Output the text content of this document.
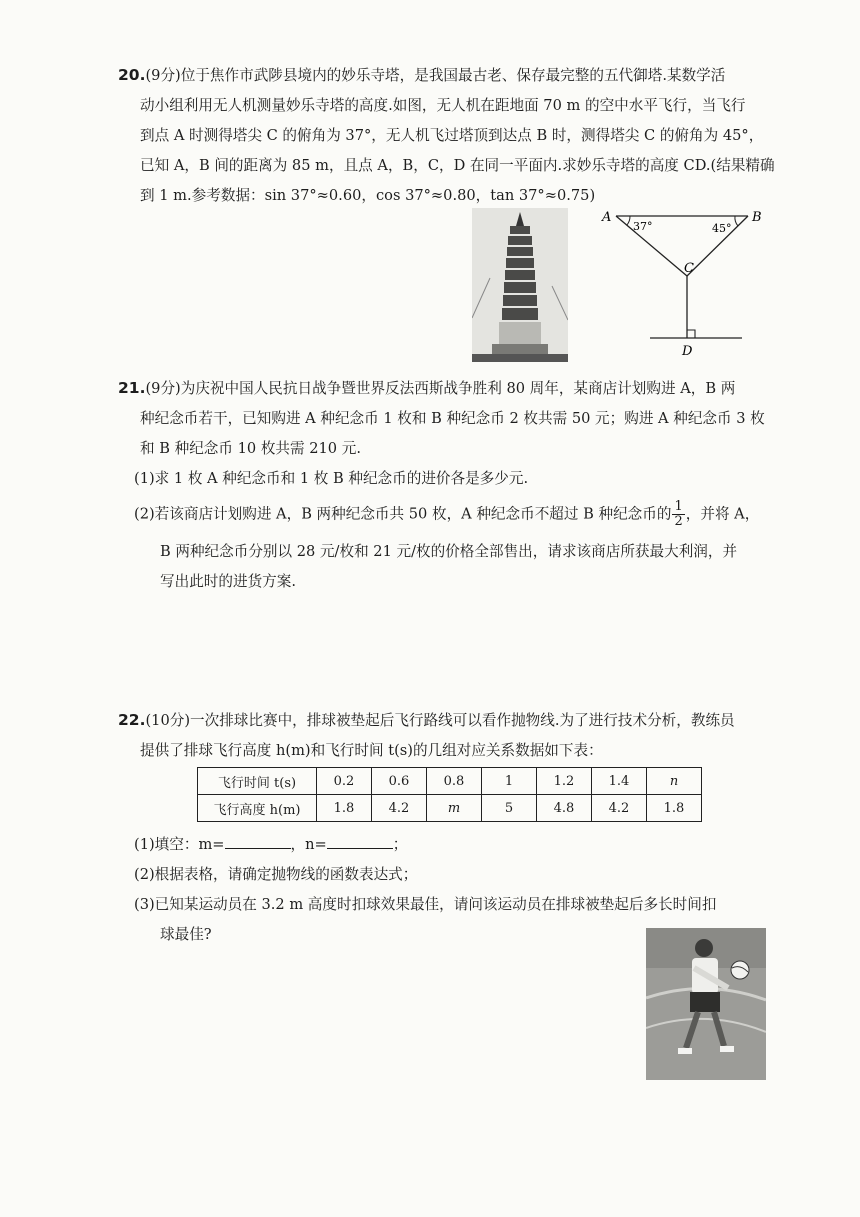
20.(9分)位于焦作市武陟县境内的妙乐寺塔，是我国最古老、保存最完整的五代御塔.某数学活
动小组利用无人机测量妙乐寺塔的高度.如图，无人机在距地面 70 m 的空中水平飞行，当飞行
到点 A 时测得塔尖 C 的俯角为 37°，无人机飞过塔顶到达点 B 时，测得塔尖 C 的俯角为 45°，
已知 A，B 间的距离为 85 m，且点 A，B，C，D 在同一平面内.求妙乐寺塔的高度 CD.(结果精确
到 1 m.参考数据：sin 37°≈0.60，cos 37°≈0.80，tan 37°≈0.75)
A	B
C
D
37°	45°
21.(9分)为庆祝中国人民抗日战争暨世界反法西斯战争胜利 80 周年，某商店计划购进 A，B 两
种纪念币若干，已知购进 A 种纪念币 1 枚和 B 种纪念币 2 枚共需 50 元；购进 A 种纪念币 3 枚
和 B 种纪念币 10 枚共需 210 元.
(1)求 1 枚 A 种纪念币和 1 枚 B 种纪念币的进价各是多少元.
(2)若该商店计划购进 A，B 两种纪念币共 50 枚，A 种纪念币不超过 B 种纪念币的 $\frac{1}{2}$ ，并将 A，
B 两种纪念币分别以 28 元/枚和 21 元/枚的价格全部售出，请求该商店所获最大利润，并
写出此时的进货方案.
22.(10分)一次排球比赛中，排球被垫起后飞行路线可以看作抛物线.为了进行技术分析，教练员
提供了排球飞行高度 h(m)和飞行时间 t(s)的几组对应关系数据如下表：
飞行时间 t(s)	0.2	0.6	0.8	1	1.2	1.4	n
飞行高度 h(m)	1.8	4.2	m	5	4.8	4.2	1.8
(1)填空：m=	，n=	；
(2)根据表格，请确定抛物线的函数表达式；
(3)已知某运动员在 3.2 m 高度时扣球效果最佳，请问该运动员在排球被垫起后多长时间扣
球最佳?
